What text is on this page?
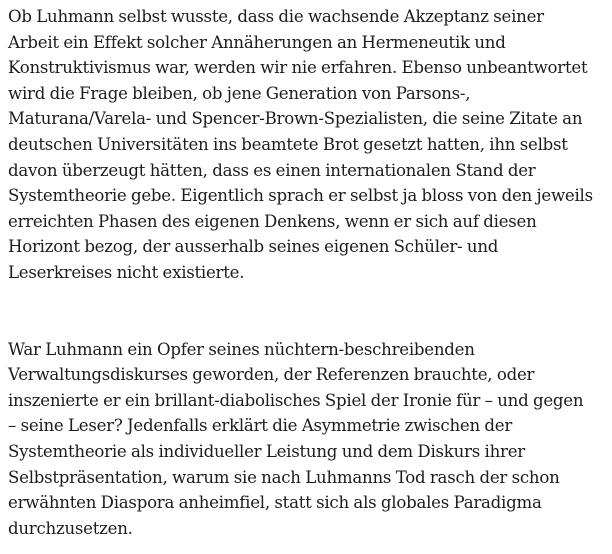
Ob Luhmann selbst wusste, dass die wachsende Akzeptanz seiner
Arbeit ein Effekt solcher Annäherungen an Hermeneutik und
Konstruktivismus war, werden wir nie erfahren. Ebenso unbeantwortet
wird die Frage bleiben, ob jene Generation von Parsons-,
Maturana/Varela- und Spencer-Brown-Spezialisten, die seine Zitate an
deutschen Universitäten ins beamtete Brot gesetzt hatten, ihn selbst
davon überzeugt hätten, dass es einen internationalen Stand der
Systemtheorie gebe. Eigentlich sprach er selbst ja bloss von den jeweils
erreichten Phasen des eigenen Denkens, wenn er sich auf diesen
Horizont bezog, der ausserhalb seines eigenen Schüler- und
Leserkreises nicht existierte.

War Luhmann ein Opfer seines nüchtern-beschreibenden
Verwaltungsdiskurses geworden, der Referenzen brauchte, oder
inszenierte er ein brillant-diabolisches Spiel der Ironie für – und gegen
– seine Leser? Jedenfalls erklärt die Asymmetrie zwischen der
Systemtheorie als individueller Leistung und dem Diskurs ihrer
Selbstpräsentation, warum sie nach Luhmanns Tod rasch der schon
erwähnten Diaspora anheimfiel, statt sich als globales Paradigma
durchzusetzen.
